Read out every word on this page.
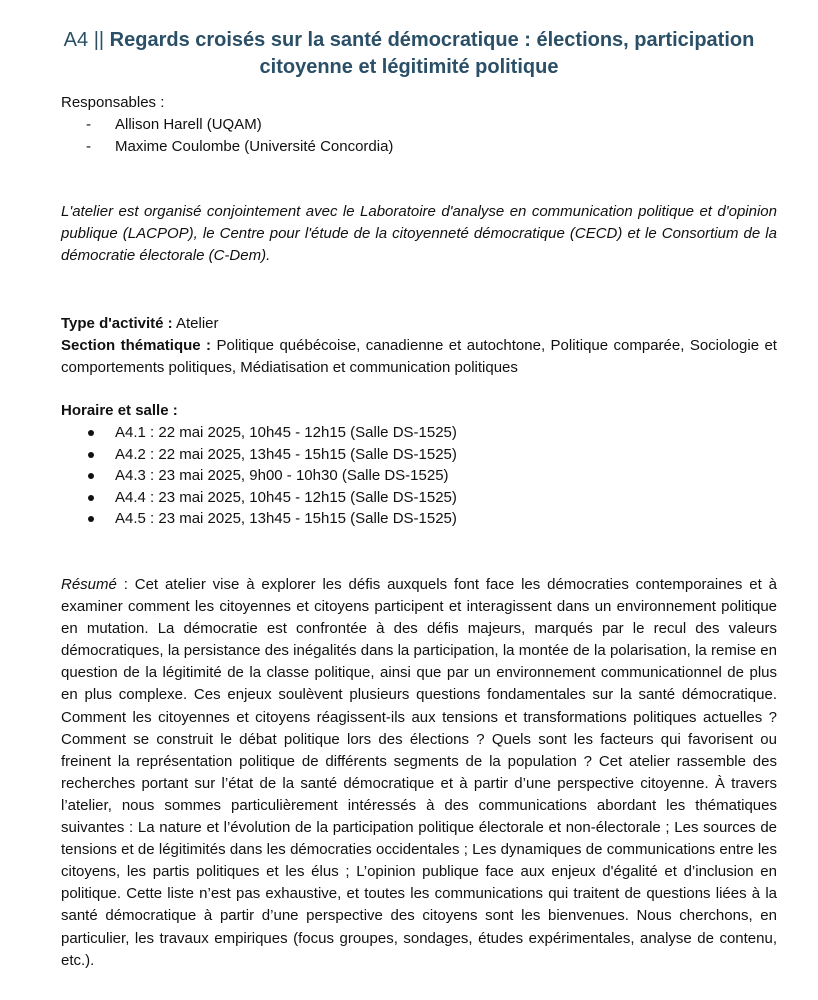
A4 || Regards croisés sur la santé démocratique : élections, participation citoyenne et légitimité politique
Responsables :
- Allison Harell (UQAM)
- Maxime Coulombe (Université Concordia)
L'atelier est organisé conjointement avec le Laboratoire d'analyse en communication politique et d'opinion publique (LACPOP), le Centre pour l'étude de la citoyenneté démocratique (CECD) et le Consortium de la démocratie électorale (C-Dem).
Type d'activité : Atelier
Section thématique : Politique québécoise, canadienne et autochtone, Politique comparée, Sociologie et comportements politiques, Médiatisation et communication politiques
Horaire et salle :
A4.1 : 22 mai 2025, 10h45 - 12h15 (Salle DS-1525)
A4.2 : 22 mai 2025, 13h45 - 15h15 (Salle DS-1525)
A4.3 : 23 mai 2025, 9h00 - 10h30 (Salle DS-1525)
A4.4 : 23 mai 2025, 10h45 - 12h15 (Salle DS-1525)
A4.5 : 23 mai 2025, 13h45 - 15h15 (Salle DS-1525)
Résumé : Cet atelier vise à explorer les défis auxquels font face les démocraties contemporaines et à examiner comment les citoyennes et citoyens participent et interagissent dans un environnement politique en mutation. La démocratie est confrontée à des défis majeurs, marqués par le recul des valeurs démocratiques, la persistance des inégalités dans la participation, la montée de la polarisation, la remise en question de la légitimité de la classe politique, ainsi que par un environnement communicationnel de plus en plus complexe. Ces enjeux soulèvent plusieurs questions fondamentales sur la santé démocratique. Comment les citoyennes et citoyens réagissent-ils aux tensions et transformations politiques actuelles ? Comment se construit le débat politique lors des élections ? Quels sont les facteurs qui favorisent ou freinent la représentation politique de différents segments de la population ? Cet atelier rassemble des recherches portant sur l’état de la santé démocratique et à partir d’une perspective citoyenne. À travers l’atelier, nous sommes particulièrement intéressés à des communications abordant les thématiques suivantes : La nature et l’évolution de la participation politique électorale et non-électorale ; Les sources de tensions et de légitimités dans les démocraties occidentales ; Les dynamiques de communications entre les citoyens, les partis politiques et les élus ; L’opinion publique face aux enjeux d'égalité et d’inclusion en politique. Cette liste n’est pas exhaustive, et toutes les communications qui traitent de questions liées à la santé démocratique à partir d’une perspective des citoyens sont les bienvenues. Nous cherchons, en particulier, les travaux empiriques (focus groupes, sondages, études expérimentales, analyse de contenu, etc.).
